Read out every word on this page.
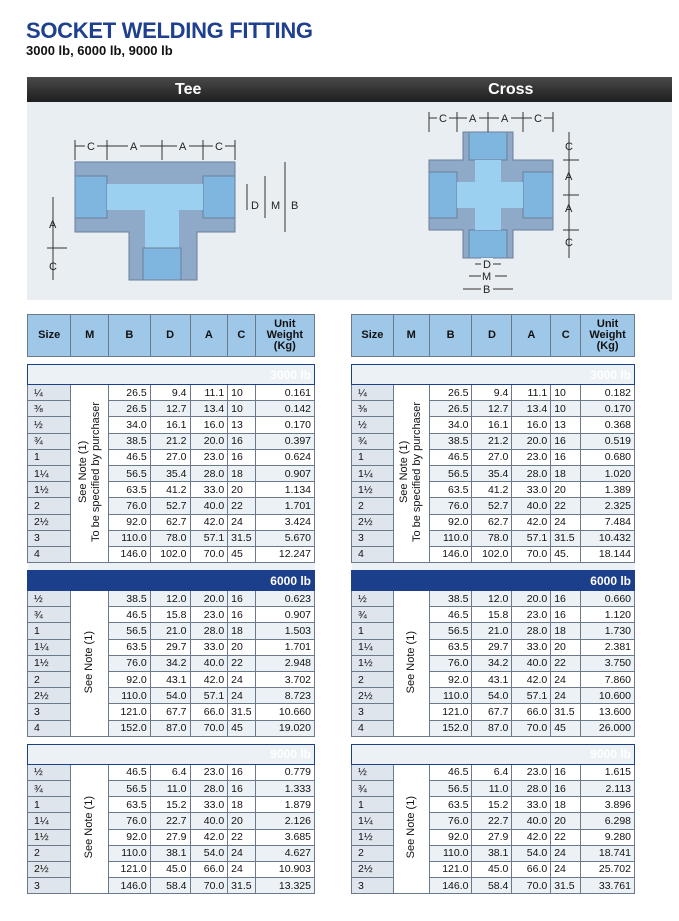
SOCKET WELDING FITTING
3000 lb, 6000 lb, 9000 lb
Tee	Cross
C	A	A	C
D M B
A
C
C A A C
C
A
A
C
D
M
B
Size	M	B	D	A	C	Unit
Weight
(Kg)

3000 lb						
¼	See Note (1)
To be specified by purchaser	26.5	9.4	11.1	10	0.161
⅜		26.5	12.7	13.4	10	0.142
½		34.0	16.1	16.0	13	0.170
¾		38.5	21.2	20.0	16	0.397
1		46.5	27.0	23.0	16	0.624
1¼		56.5	35.4	28.0	18	0.907
1½		63.5	41.2	33.0	20	1.134
2		76.0	52.7	40.0	22	1.701
2½		92.0	62.7	42.0	24	3.424
3		110.0	78.0	57.1	31.5	5.670
4		146.0	102.0	70.0	45	12.247

6000 lb						
½	See Note (1)	38.5	12.0	20.0	16	0.623
¾		46.5	15.8	23.0	16	0.907
1		56.5	21.0	28.0	18	1.503
1¼		63.5	29.7	33.0	20	1.701
1½		76.0	34.2	40.0	22	2.948
2		92.0	43.1	42.0	24	3.702
2½		110.0	54.0	57.1	24	8.723
3		121.0	67.7	66.0	31.5	10.660
4		152.0	87.0	70.0	45	19.020

9000 lb						
½	See Note (1)	46.5	6.4	23.0	16	0.779
¾		56.5	11.0	28.0	16	1.333
1		63.5	15.2	33.0	18	1.879
1¼		76.0	22.7	40.0	20	2.126
1½		92.0	27.9	42.0	22	3.685
2		110.0	38.1	54.0	24	4.627
2½		121.0	45.0	66.0	24	10.903
3		146.0	58.4	70.0	31.5	13.325
Size	M	B	D	A	C	Unit
Weight
(Kg)

3000 lb						
¼	See Note (1)
To be specified by purchaser	26.5	9.4	11.1	10	0.182
⅜		26.5	12.7	13.4	10	0.170
½		34.0	16.1	16.0	13	0.368
¾		38.5	21.2	20.0	16	0.519
1		46.5	27.0	23.0	16	0.680
1¼		56.5	35.4	28.0	18	1.020
1½		63.5	41.2	33.0	20	1.389
2		76.0	52.7	40.0	22	2.325
2½		92.0	62.7	42.0	24	7.484
3		110.0	78.0	57.1	31.5	10.432
4		146.0	102.0	70.0	45.	18.144

6000 lb						
½	See Note (1)	38.5	12.0	20.0	16	0.660
¾		46.5	15.8	23.0	16	1.120
1		56.5	21.0	28.0	18	1.730
1¼		63.5	29.7	33.0	20	2.381
1½		76.0	34.2	40.0	22	3.750
2		92.0	43.1	42.0	24	7.860
2½		110.0	54.0	57.1	24	10.600
3		121.0	67.7	66.0	31.5	13.600
4		152.0	87.0	70.0	45	26.000

9000 lb						
½	See Note (1)	46.5	6.4	23.0	16	1.615
¾		56.5	11.0	28.0	16	2.113
1		63.5	15.2	33.0	18	3.896
1¼		76.0	22.7	40.0	20	6.298
1½		92.0	27.9	42.0	22	9.280
2		110.0	38.1	54.0	24	18.741
2½		121.0	45.0	66.0	24	25.702
3		146.0	58.4	70.0	31.5	33.761
